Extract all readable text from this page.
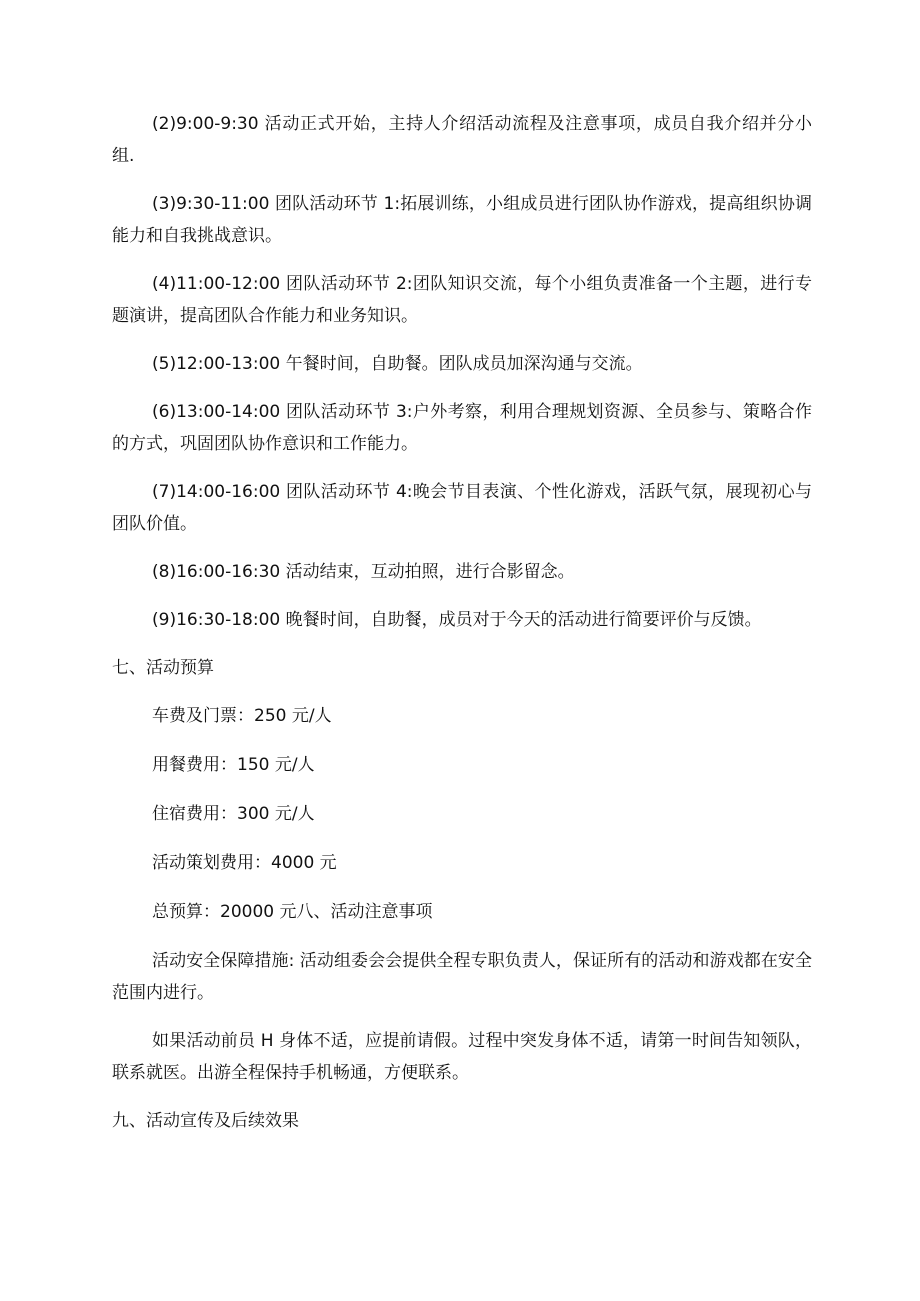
(2)9:00-9:30 活动正式开始，主持人介绍活动流程及注意事项，成员自我介绍并分小组.

(3)9:30-11:00 团队活动环节 1:拓展训练，小组成员进行团队协作游戏，提高组织协调能力和自我挑战意识。

(4)11:00-12:00 团队活动环节 2:团队知识交流，每个小组负责准备一个主题，进行专题演讲，提高团队合作能力和业务知识。

(5)12:00-13:00 午餐时间，自助餐。团队成员加深沟通与交流。

(6)13:00-14:00 团队活动环节 3:户外考察，利用合理规划资源、全员参与、策略合作的方式，巩固团队协作意识和工作能力。

(7)14:00-16:00 团队活动环节 4:晚会节目表演、个性化游戏，活跃气氛，展现初心与团队价值。

(8)16:00-16:30 活动结束，互动拍照，进行合影留念。

(9)16:30-18:00 晚餐时间，自助餐，成员对于今天的活动进行简要评价与反馈。

七、活动预算

车费及门票：250 元/人

用餐费用：150 元/人

住宿费用：300 元/人

活动策划费用：4000 元

总预算：20000 元八、活动注意事项

活动安全保障措施: 活动组委会会提供全程专职负责人，保证所有的活动和游戏都在安全范围内进行。

如果活动前员 H 身体不适，应提前请假。过程中突发身体不适，请第一时间告知领队，联系就医。出游全程保持手机畅通，方便联系。

九、活动宣传及后续效果
